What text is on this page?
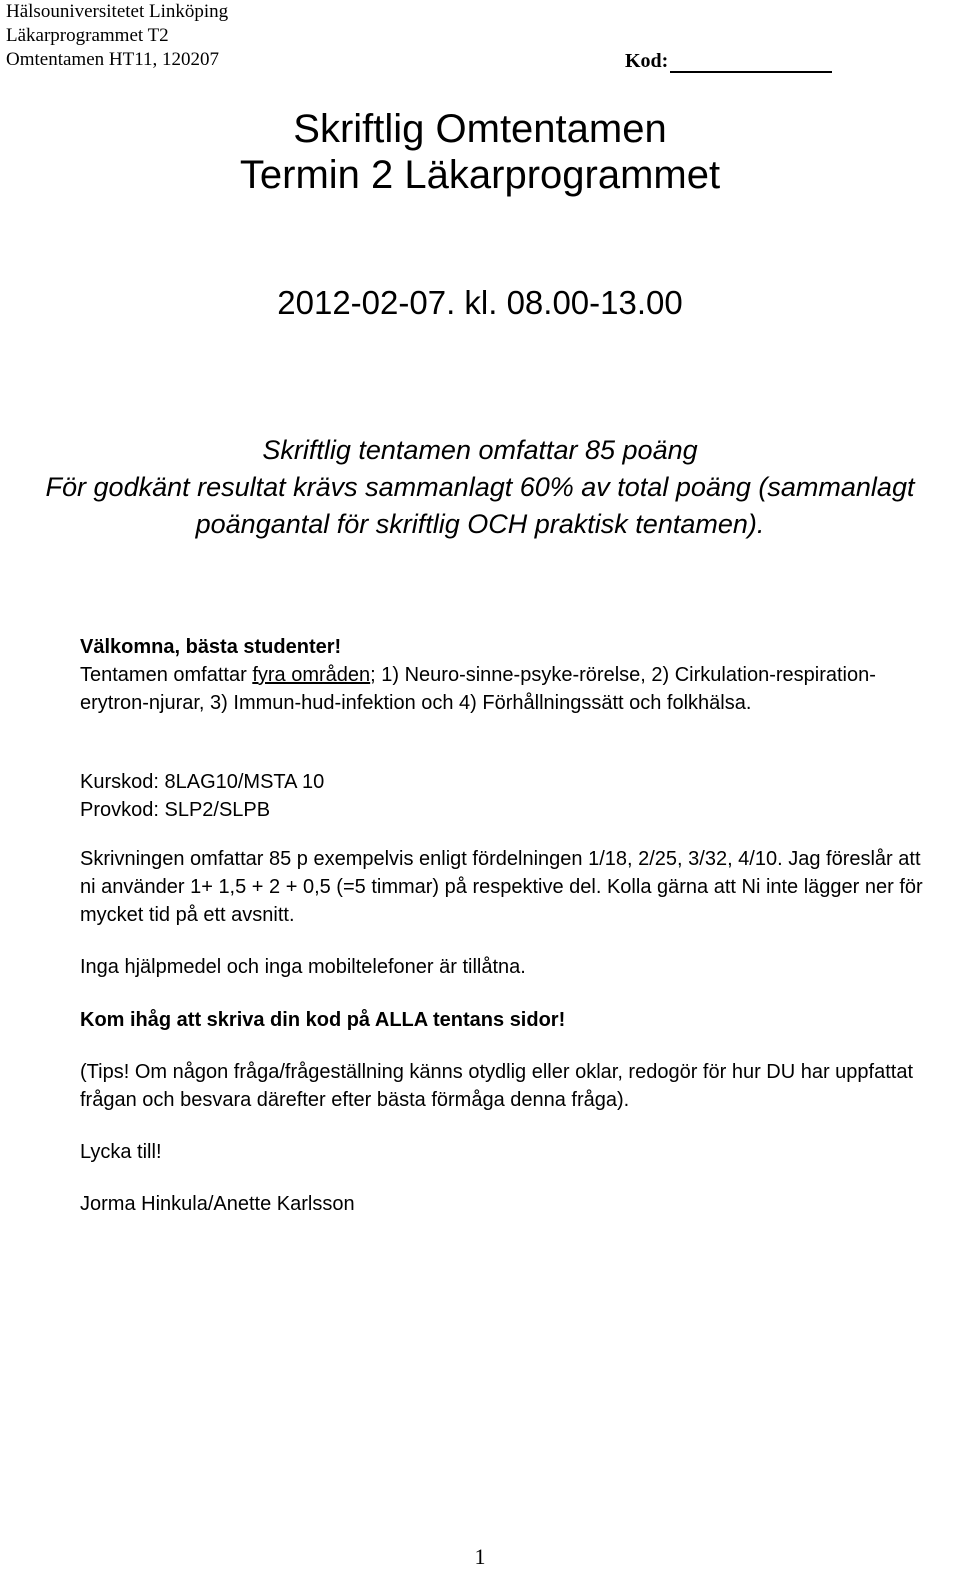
Hälsouniversitetet Linköping
Läkarprogrammet T2
Omtentamen HT11, 120207	Kod:
Skriftlig Omtentamen
Termin 2 Läkarprogrammet
2012-02-07. kl. 08.00-13.00
Skriftlig tentamen omfattar 85 poäng
För godkänt resultat krävs sammanlagt 60% av total poäng (sammanlagt
poängantal för skriftlig OCH praktisk tentamen).
Välkomna, bästa studenter!
Tentamen omfattar fyra områden; 1) Neuro-sinne-psyke-rörelse, 2) Cirkulation-respiration-erytron-njurar, 3) Immun-hud-infektion och 4) Förhållningssätt och folkhälsa.
Kurskod: 8LAG10/MSTA 10
Provkod: SLP2/SLPB
Skrivningen omfattar 85 p exempelvis enligt fördelningen 1/18, 2/25, 3/32, 4/10. Jag föreslår att ni använder 1+ 1,5 + 2 + 0,5 (=5 timmar) på respektive del. Kolla gärna att Ni inte lägger ner för mycket tid på ett avsnitt.
Inga hjälpmedel och inga mobiltelefoner är tillåtna.
Kom ihåg att skriva din kod på ALLA tentans sidor!
(Tips! Om någon fråga/frågeställning känns otydlig eller oklar, redogör för hur DU har uppfattat frågan och besvara därefter efter bästa förmåga denna fråga).
Lycka till!
Jorma Hinkula/Anette Karlsson
1
